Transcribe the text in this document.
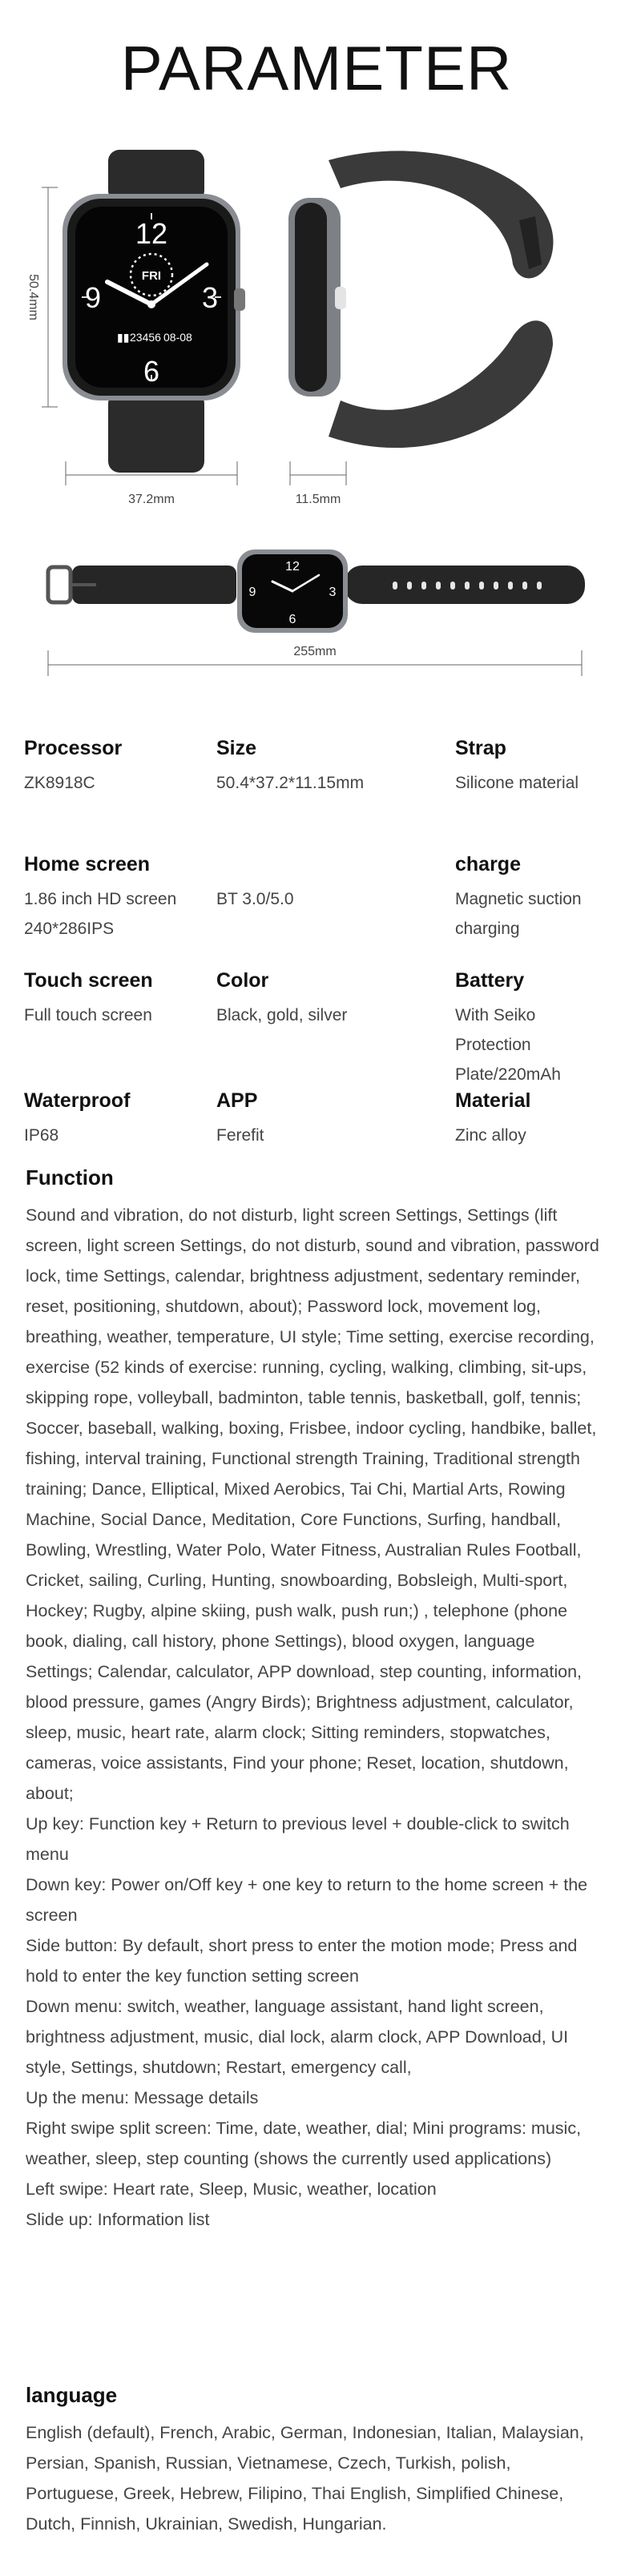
PARAMETER
12
3
9
6
FRI
▮▮ 23456 08-08
50.4mm
37.2mm	11.5mm
12
6
9	3
255mm
Processor

ZK8918C

Size

50.4*37.2*11.15mm

Strap

Silicone material

Home screen

1.86 inch HD screen 240*286IPS

BT 3.0/5.0

charge

Magnetic suction charging

Touch screen

Full touch screen

Color

Black, gold, silver

Battery

With Seiko Protection Plate/220mAh

Waterproof

IP68

APP

Ferefit

Material

Zinc alloy

Function
Sound and vibration, do not disturb, light screen Settings, Settings (lift screen, light screen Settings, do not disturb, sound and vibration, password lock, time Settings, calendar, brightness adjustment, sedentary reminder, reset, positioning, shutdown, about); Password lock, movement log, breathing, weather, temperature, UI style; Time setting, exercise recording, exercise (52 kinds of exercise: running, cycling, walking, climbing, sit-ups, skipping rope, volleyball, badminton, table tennis, basketball, golf, tennis; Soccer, baseball, walking, boxing, Frisbee, indoor cycling, handbike, ballet, fishing, interval training, Functional strength Training, Traditional strength training; Dance, Elliptical, Mixed Aerobics, Tai Chi, Martial Arts, Rowing Machine, Social Dance, Meditation, Core Functions, Surfing, handball, Bowling, Wrestling, Water Polo, Water Fitness, Australian Rules Football, Cricket, sailing, Curling, Hunting, snowboarding, Bobsleigh, Multi-sport, Hockey; Rugby, alpine skiing, push walk, push run;) , telephone (phone book, dialing, call history, phone Settings), blood oxygen, language Settings; Calendar, calculator, APP download, step counting, information, blood pressure, games (Angry Birds); Brightness adjustment, calculator, sleep, music, heart rate, alarm clock; Sitting reminders, stopwatches, cameras, voice assistants, Find your phone; Reset, location, shutdown, about;
Up key: Function key + Return to previous level + double-click to switch menu
Down key: Power on/Off key + one key to return to the home screen + the screen
Side button: By default, short press to enter the motion mode; Press and hold to enter the key function setting screen
Down menu: switch, weather, language assistant, hand light screen, brightness adjustment, music, dial lock, alarm clock, APP Download, UI style, Settings, shutdown; Restart, emergency call,
Up the menu: Message details
Right swipe split screen: Time, date, weather, dial; Mini programs: music, weather, sleep, step counting (shows the currently used applications)
Left swipe: Heart rate, Sleep, Music, weather, location
Slide up: Information list
language
English (default), French, Arabic, German, Indonesian, Italian, Malaysian, Persian, Spanish, Russian, Vietnamese, Czech, Turkish, polish, Portuguese, Greek, Hebrew, Filipino, Thai English, Simplified Chinese, Dutch, Finnish, Ukrainian, Swedish, Hungarian.
